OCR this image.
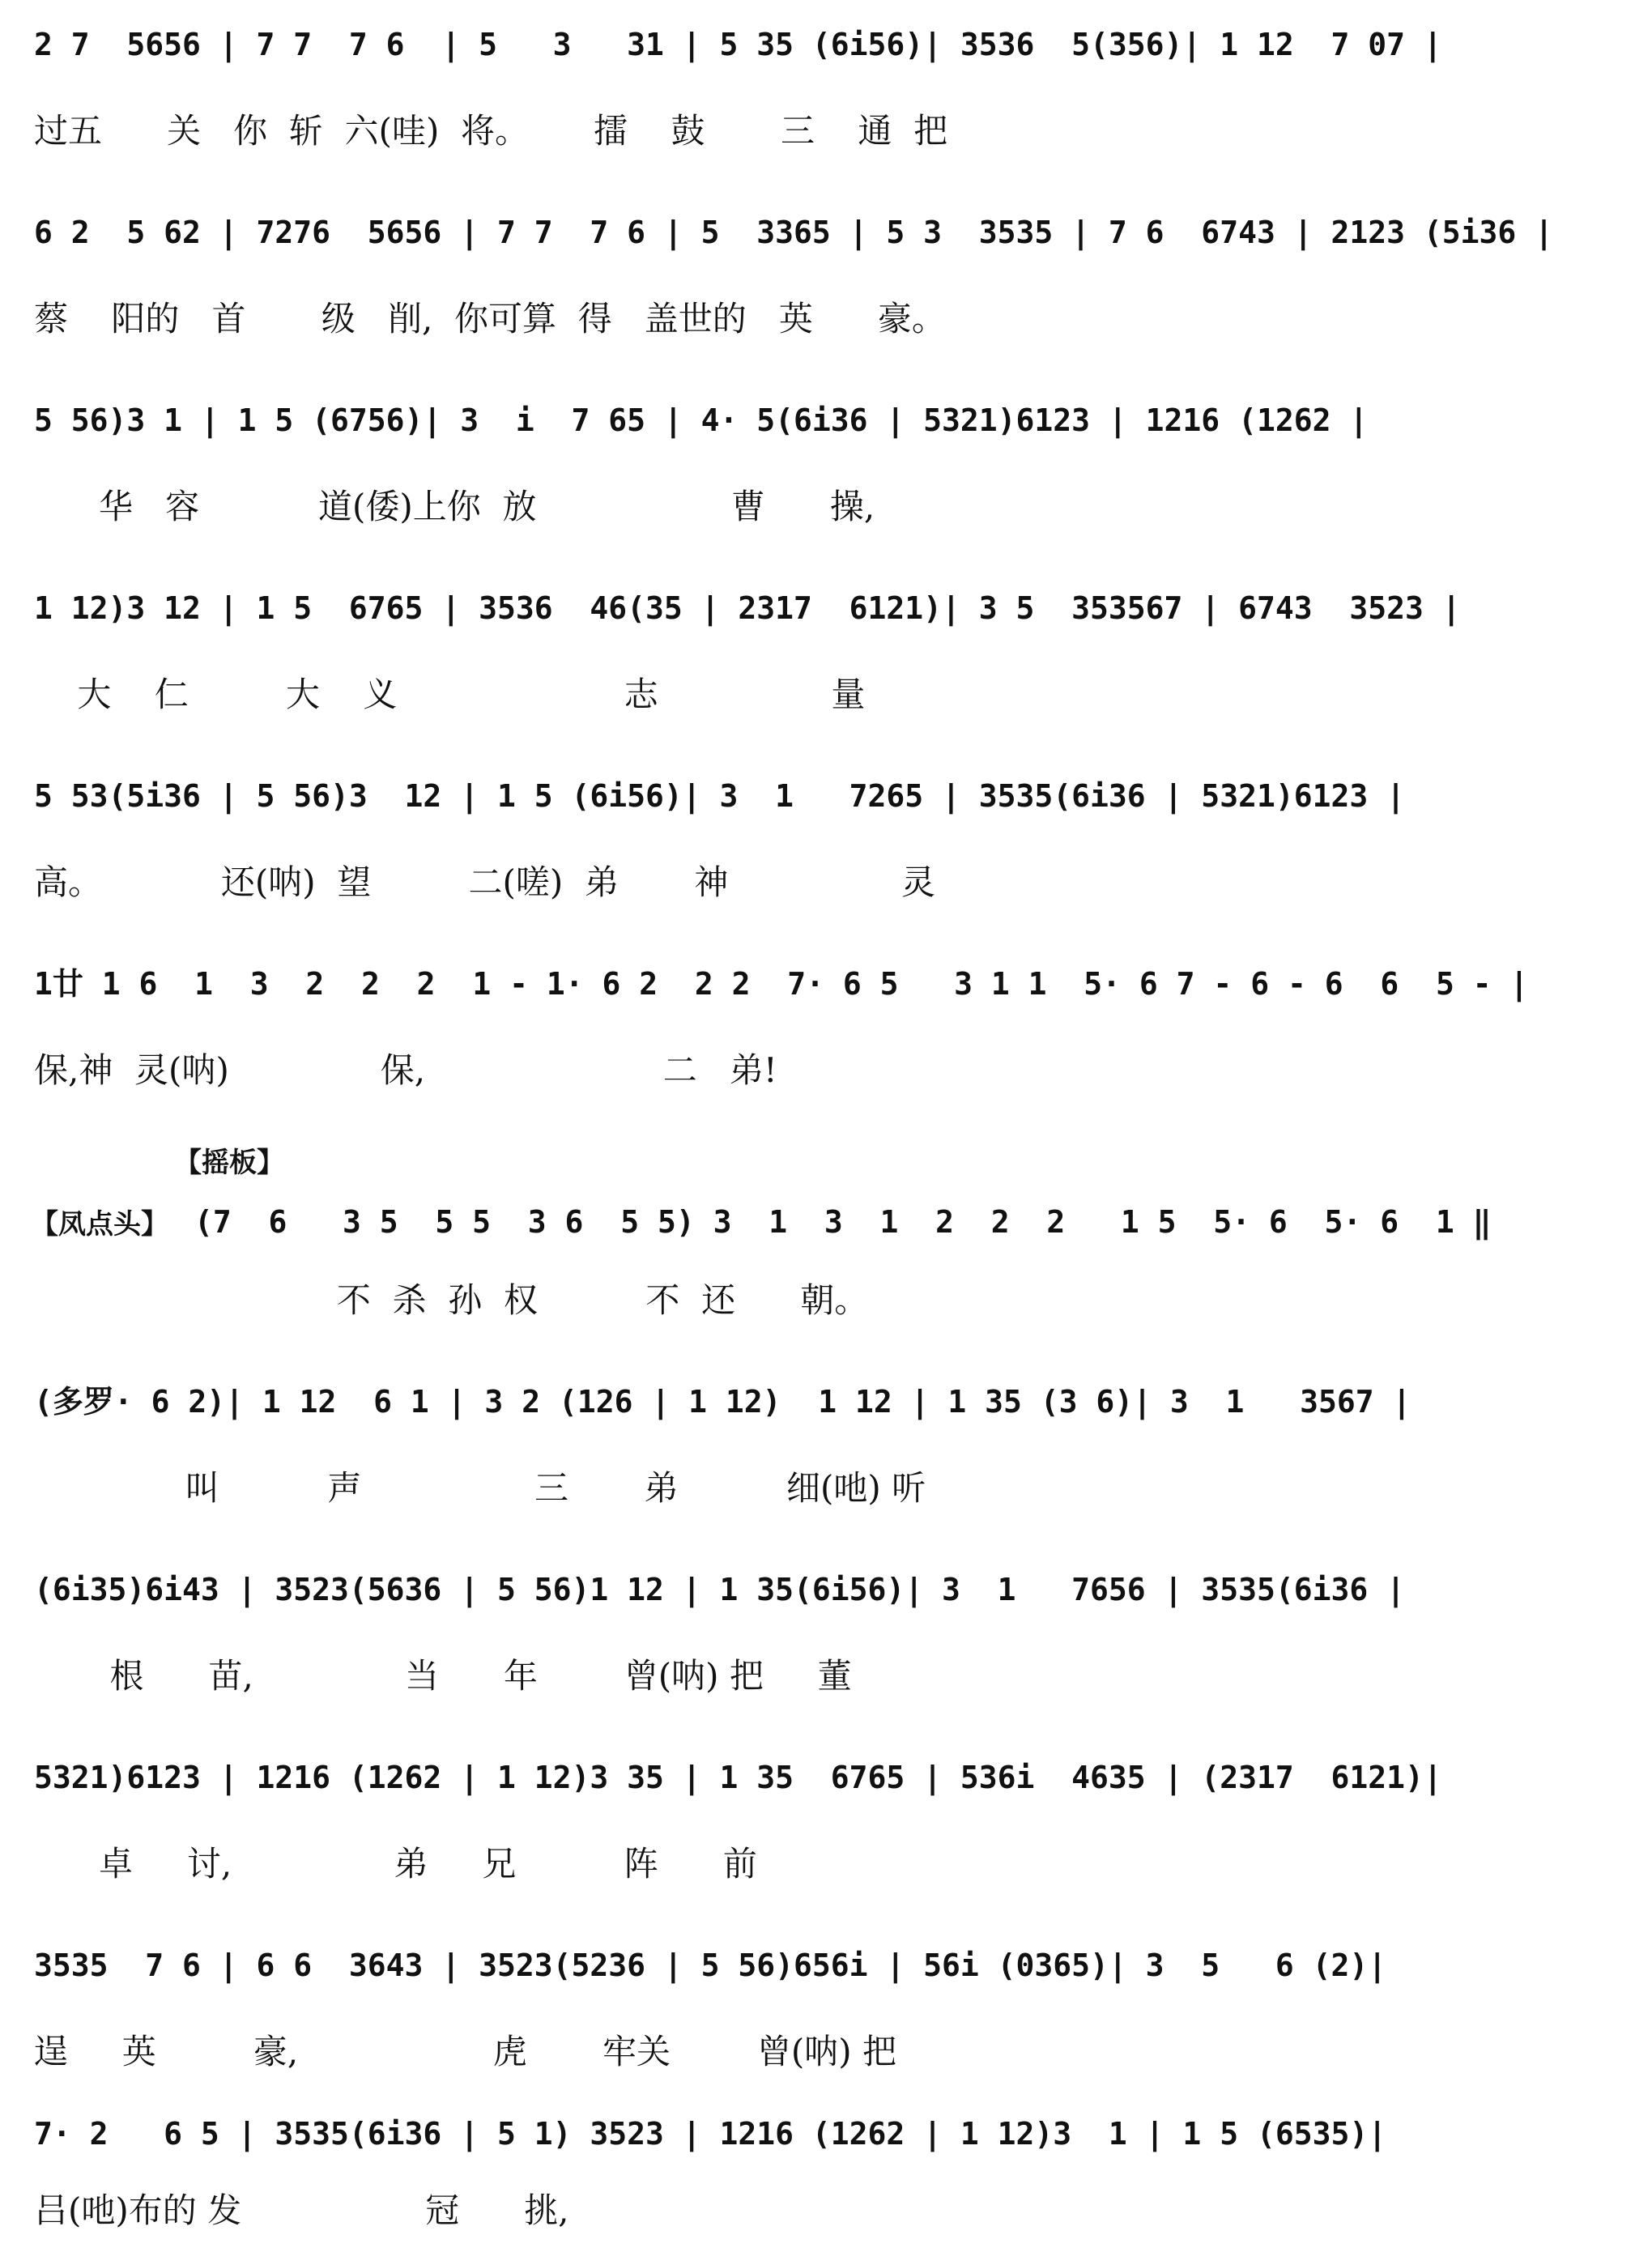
2 7  5656 | 7 7  7 6  | 5   3   31 | 5 35 (6i56)| 3536  5(356)| 1 12  7 07 |
过五      关   你  斩  六(哇)  将。      擂    鼓       三    通  把
6 2  5 62 | 7276  5656 | 7 7  7 6 | 5  3365 | 5 3  3535 | 7 6  6743 | 2123 (5i36 |
蔡    阳的   首       级   削,  你可算  得   盖世的   英      豪。
5 56)3 1 | 1 5 (6756)| 3  i  7 65 | 4· 5(6i36 | 5321)6123 | 1216 (1262 |
华   容           道(倭)上你  放                  曹      操,
1 12)3 12 | 1 5  6765 | 3536  46(35 | 2317  6121)| 3 5  353567 | 6743  3523 |
大    仁         大    义                     志                量
5 53(5i36 | 5 56)3  12 | 1 5 (6i56)| 3  1   7265 | 3535(6i36 | 5321)6123 |
高。           还(呐)  望         二(嗟)  弟       神                灵
1廿 1 6  1  3  2  2  2  1 - 1· 6 2  2 2  7· 6 5   3 1 1  5· 6 7 - 6 - 6  6  5 - |
保,神  灵(呐)              保,                      二   弟!
【摇板】
(7  6   3 5  5 5  3 6  5 5) 3  1  3  1  2  2  2   1 5  5· 6  5· 6  1 ‖
【凤点头】
不  杀  孙  权          不  还      朝。
(多罗· 6 2)| 1 12  6 1 | 3 2 (126 | 1 12)  1 12 | 1 35 (3 6)| 3  1   3567 |
叫          声                三       弟          细(吔) 听
(6i35)6i43 | 3523(5636 | 5 56)1 12 | 1 35(6i56)| 3  1   7656 | 3535(6i36 |
根      苗,              当      年        曾(呐) 把     董
5321)6123 | 1216 (1262 | 1 12)3 35 | 1 35  6765 | 536i  4635 | (2317  6121)|
卓     讨,               弟     兄          阵      前
3535  7 6 | 6 6  3643 | 3523(5236 | 5 56)656i | 56i (0365)| 3  5   6 (2)|
逞     英         豪,                  虎       牢关        曾(呐) 把
7· 2   6 5 | 3535(6i36 | 5 1) 3523 | 1216 (1262 | 1 12)3  1 | 1 5 (6535)|
吕(吔)布的 发                 冠      挑,
